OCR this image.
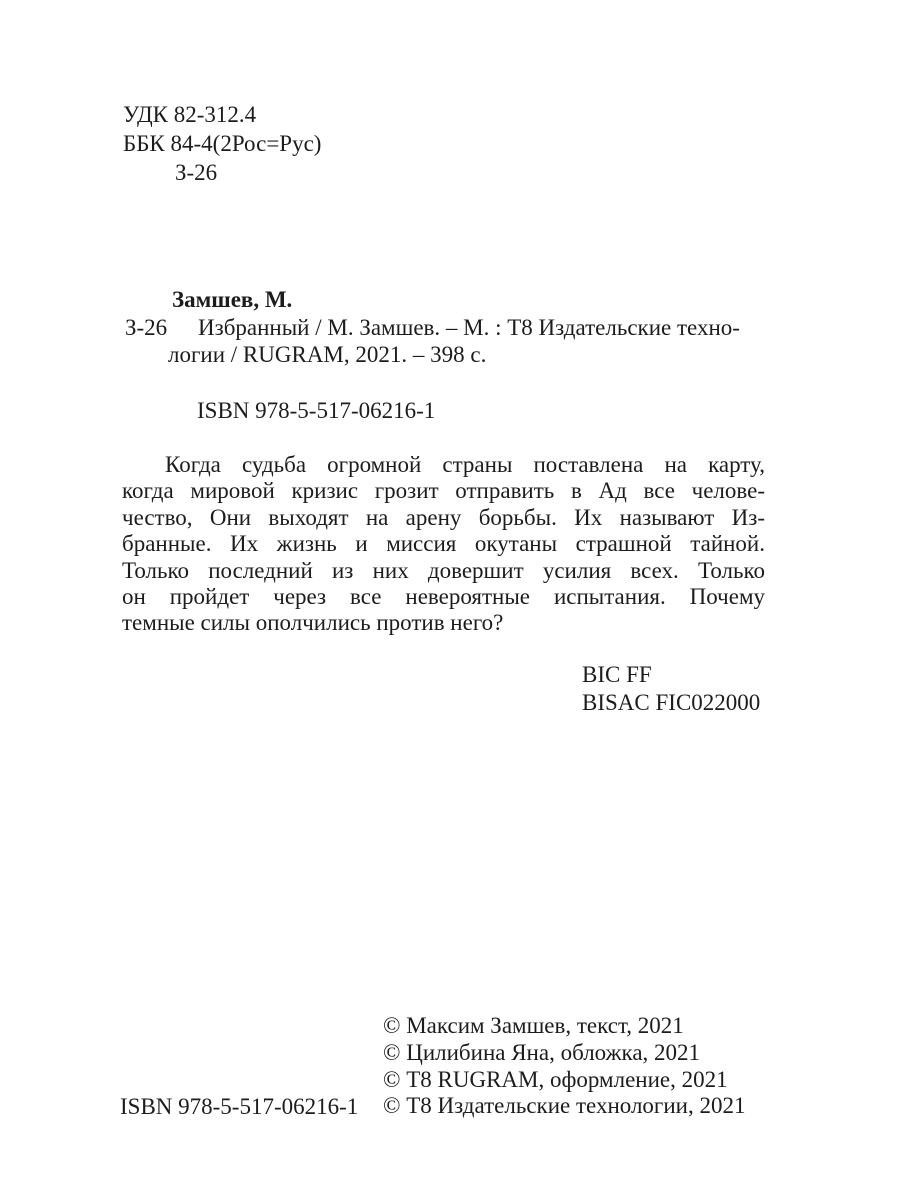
УДК 82-312.4
ББК 84-4(2Рос=Рус)
З-26
Замшев, М.
З-26 Избранный / М. Замшев. – М. : Т8 Издательские техно-
логии / RUGRAM, 2021. – 398 с.
ISBN 978-5-517-06216-1
Когда судьба огромной страны поставлена на карту,
когда мировой кризис грозит отправить в Ад все челове-
чество, Они выходят на арену борьбы. Их называют Из-
бранные. Их жизнь и миссия окутаны страшной тайной.
Только последний из них довершит усилия всех. Только
он пройдет через все невероятные испытания. Почему
темные силы ополчились против него?
BIC FF
BISAC FIC022000
© Максим Замшев, текст, 2021
© Цилибина Яна, обложка, 2021
© Т8 RUGRAM, оформление, 2021
© Т8 Издательские технологии, 2021
ISBN 978-5-517-06216-1
